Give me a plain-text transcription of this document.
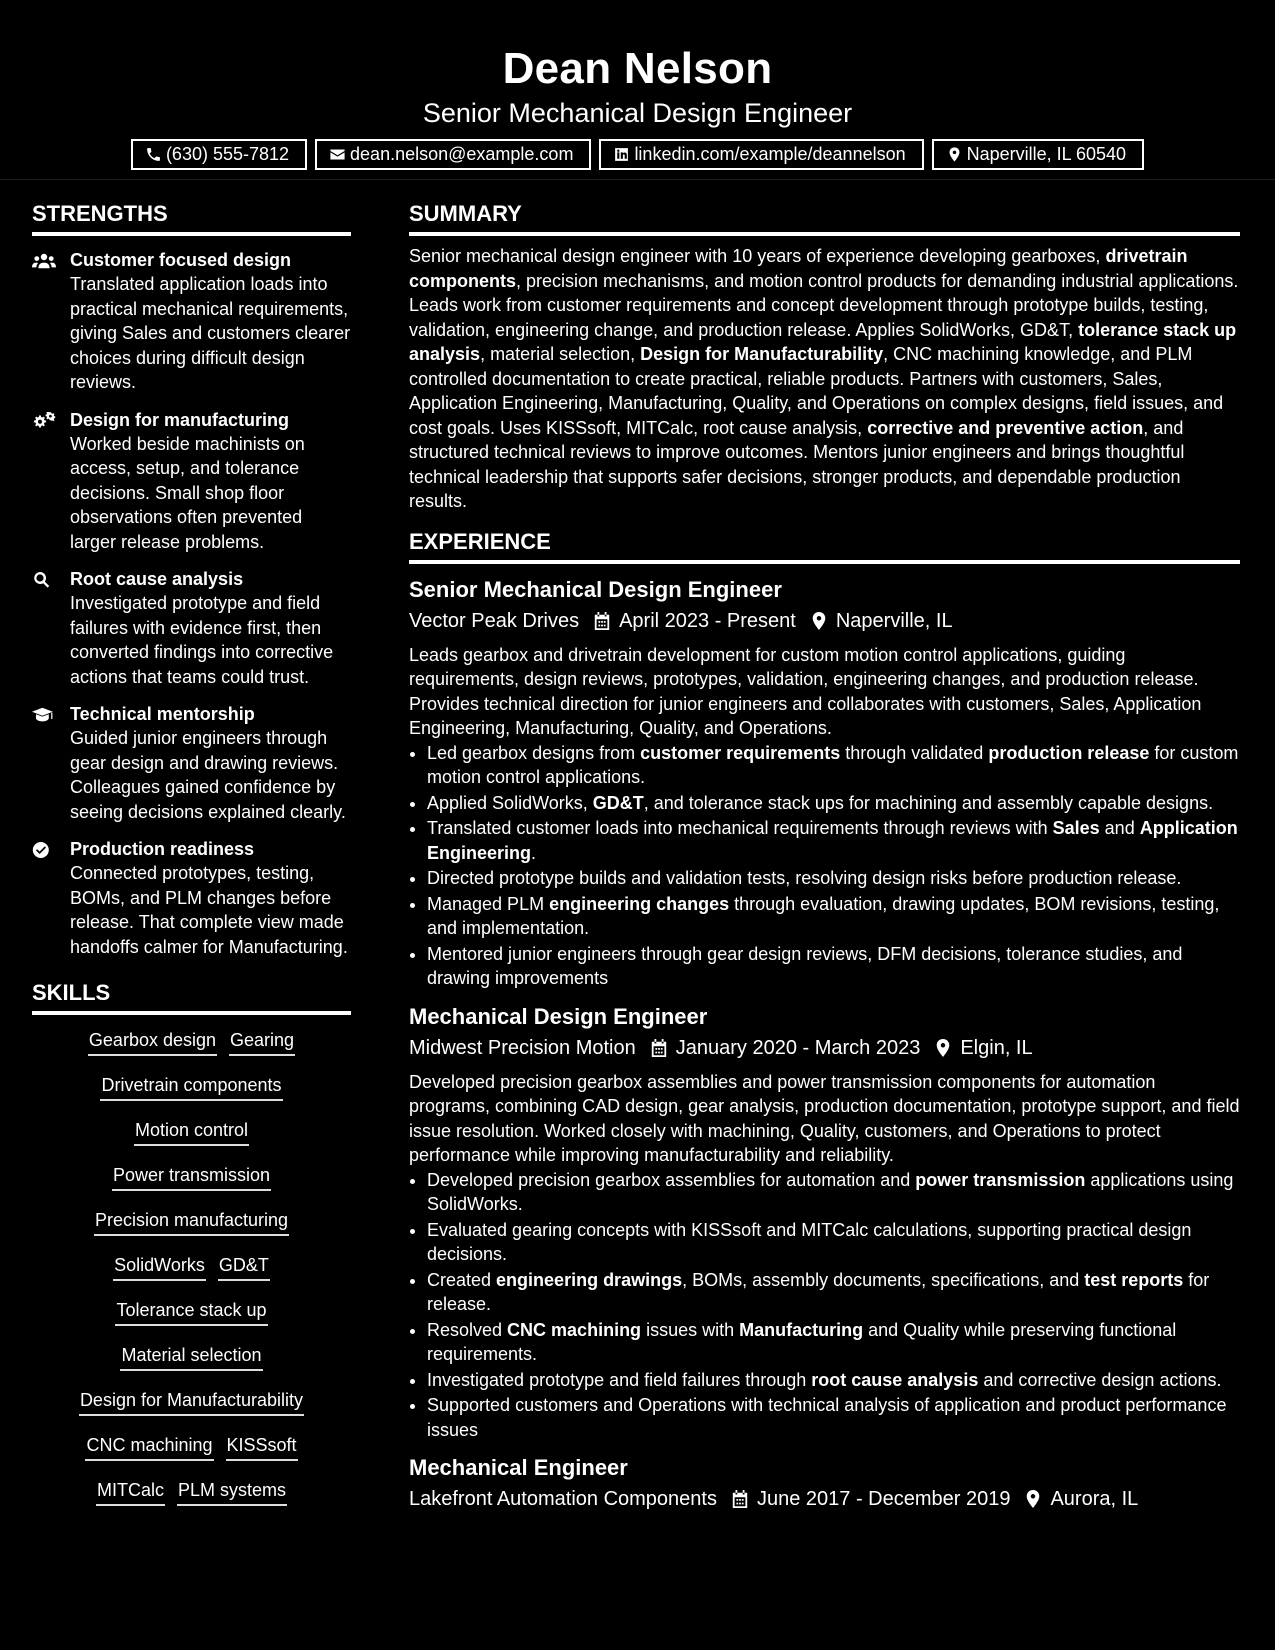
Dean Nelson
Senior Mechanical Design Engineer
(630) 555-7812	dean.nelson@example.com	linkedin.com/example/deannelson	Naperville, IL 60540
STRENGTHS
Customer focused design
Translated application loads into practical mechanical requirements, giving Sales and customers clearer choices during difficult design reviews.
Design for manufacturing
Worked beside machinists on access, setup, and tolerance decisions. Small shop floor observations often prevented larger release problems.
Root cause analysis
Investigated prototype and field failures with evidence first, then converted findings into corrective actions that teams could trust.
Technical mentorship
Guided junior engineers through gear design and drawing reviews. Colleagues gained confidence by seeing decisions explained clearly.
Production readiness
Connected prototypes, testing, BOMs, and PLM changes before release. That complete view made handoffs calmer for Manufacturing.
SKILLS
Gearbox design Gearing
Drivetrain components
Motion control
Power transmission
Precision manufacturing
SolidWorks GD&T
Tolerance stack up
Material selection
Design for Manufacturability
CNC machining KISSsoft
MITCalc PLM systems
SUMMARY

Senior mechanical design engineer with 10 years of experience developing gearboxes, drivetrain components, precision mechanisms, and motion control products for demanding industrial applications. Leads work from customer requirements and concept development through prototype builds, testing, validation, engineering change, and production release. Applies SolidWorks, GD&T, tolerance stack up analysis, material selection, Design for Manufacturability, CNC machining knowledge, and PLM controlled documentation to create practical, reliable products. Partners with customers, Sales, Application Engineering, Manufacturing, Quality, and Operations on complex designs, field issues, and cost goals. Uses KISSsoft, MITCalc, root cause analysis, corrective and preventive action, and structured technical reviews to improve outcomes. Mentors junior engineers and brings thoughtful technical leadership that supports safer decisions, stronger products, and dependable production results.

EXPERIENCE
Senior Mechanical Design Engineer
Vector Peak Drives April 2023 - Present Naperville, IL
Leads gearbox and drivetrain development for custom motion control applications, guiding requirements, design reviews, prototypes, validation, engineering changes, and production release. Provides technical direction for junior engineers and collaborates with customers, Sales, Application Engineering, Manufacturing, Quality, and Operations.
• Led gearbox designs from customer requirements through validated production release for custom motion control applications.
• Applied SolidWorks, GD&T, and tolerance stack ups for machining and assembly capable designs.
• Translated customer loads into mechanical requirements through reviews with Sales and Application Engineering.
• Directed prototype builds and validation tests, resolving design risks before production release.
• Managed PLM engineering changes through evaluation, drawing updates, BOM revisions, testing, and implementation.
• Mentored junior engineers through gear design reviews, DFM decisions, tolerance studies, and drawing improvements
Mechanical Design Engineer
Midwest Precision Motion January 2020 - March 2023 Elgin, IL
Developed precision gearbox assemblies and power transmission components for automation programs, combining CAD design, gear analysis, production documentation, prototype support, and field issue resolution. Worked closely with machining, Quality, customers, and Operations to protect performance while improving manufacturability and reliability.
• Developed precision gearbox assemblies for automation and power transmission applications using SolidWorks.
• Evaluated gearing concepts with KISSsoft and MITCalc calculations, supporting practical design decisions.
• Created engineering drawings, BOMs, assembly documents, specifications, and test reports for release.
• Resolved CNC machining issues with Manufacturing and Quality while preserving functional requirements.
• Investigated prototype and field failures through root cause analysis and corrective design actions.
• Supported customers and Operations with technical analysis of application and product performance issues
Mechanical Engineer
Lakefront Automation Components June 2017 - December 2019 Aurora, IL
